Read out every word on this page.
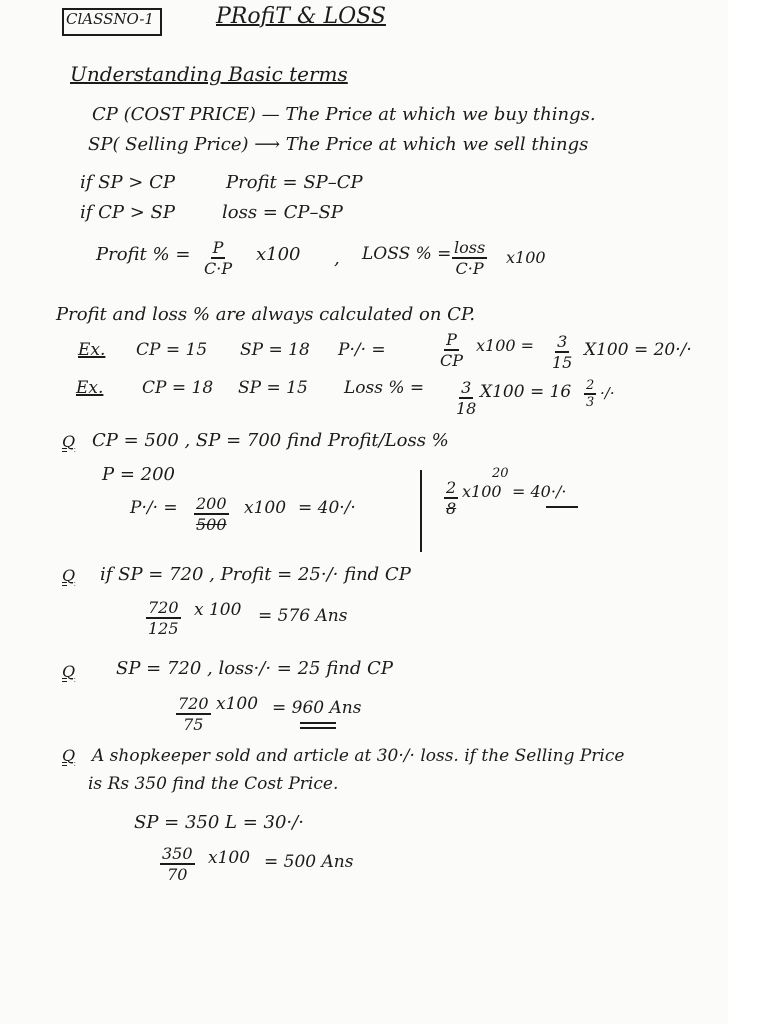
ClASSNO-1	PRofiT & LOSS
Understanding Basic terms
CP (COST PRICE) — The Price at which we buy things.
SP( Selling Price) ⟶ The Price at which we sell things
if SP > CP	Profit = SP–CP
if CP > SP	loss = CP–SP
Profit % = $\frac{P}{C\cdot P} x100$ , LOSS % = loss
C·P
x100
Profit and loss % are always calculated on CP.
Ex. CP = 15 SP = 18 P·/· =	$\frac{P}{CP} x100 = \frac{3}{15} X100 = 20\cdot/\cdot$
Ex. CP = 18 SP = 15 Loss % = $\frac{3}{18} X100 = 16 \frac{2}{3}$ ·/·
Q CP = 500 , SP = 700 find Profit/Loss %
P = 200
$P\cdot/\cdot = \frac{200}{500} x100 = 40\cdot/\cdot$
20
$\frac{2}{8} x100 = 40\cdot/\cdot$
Q if SP = 720 , Profit = 25·/· find CP
$\frac{720}{125}$ x 100 = 576 Ans
Q SP = 720 , loss·/· = 25 find CP
$\frac{720}{75} x100 = 960$ Ans
Q A shopkeeper sold and article at 30·/· loss. if the Selling Price
is Rs 350 find the Cost Price.
SP = 350 L = 30·/·
$\frac{350}{70} x100 = 500$ Ans
